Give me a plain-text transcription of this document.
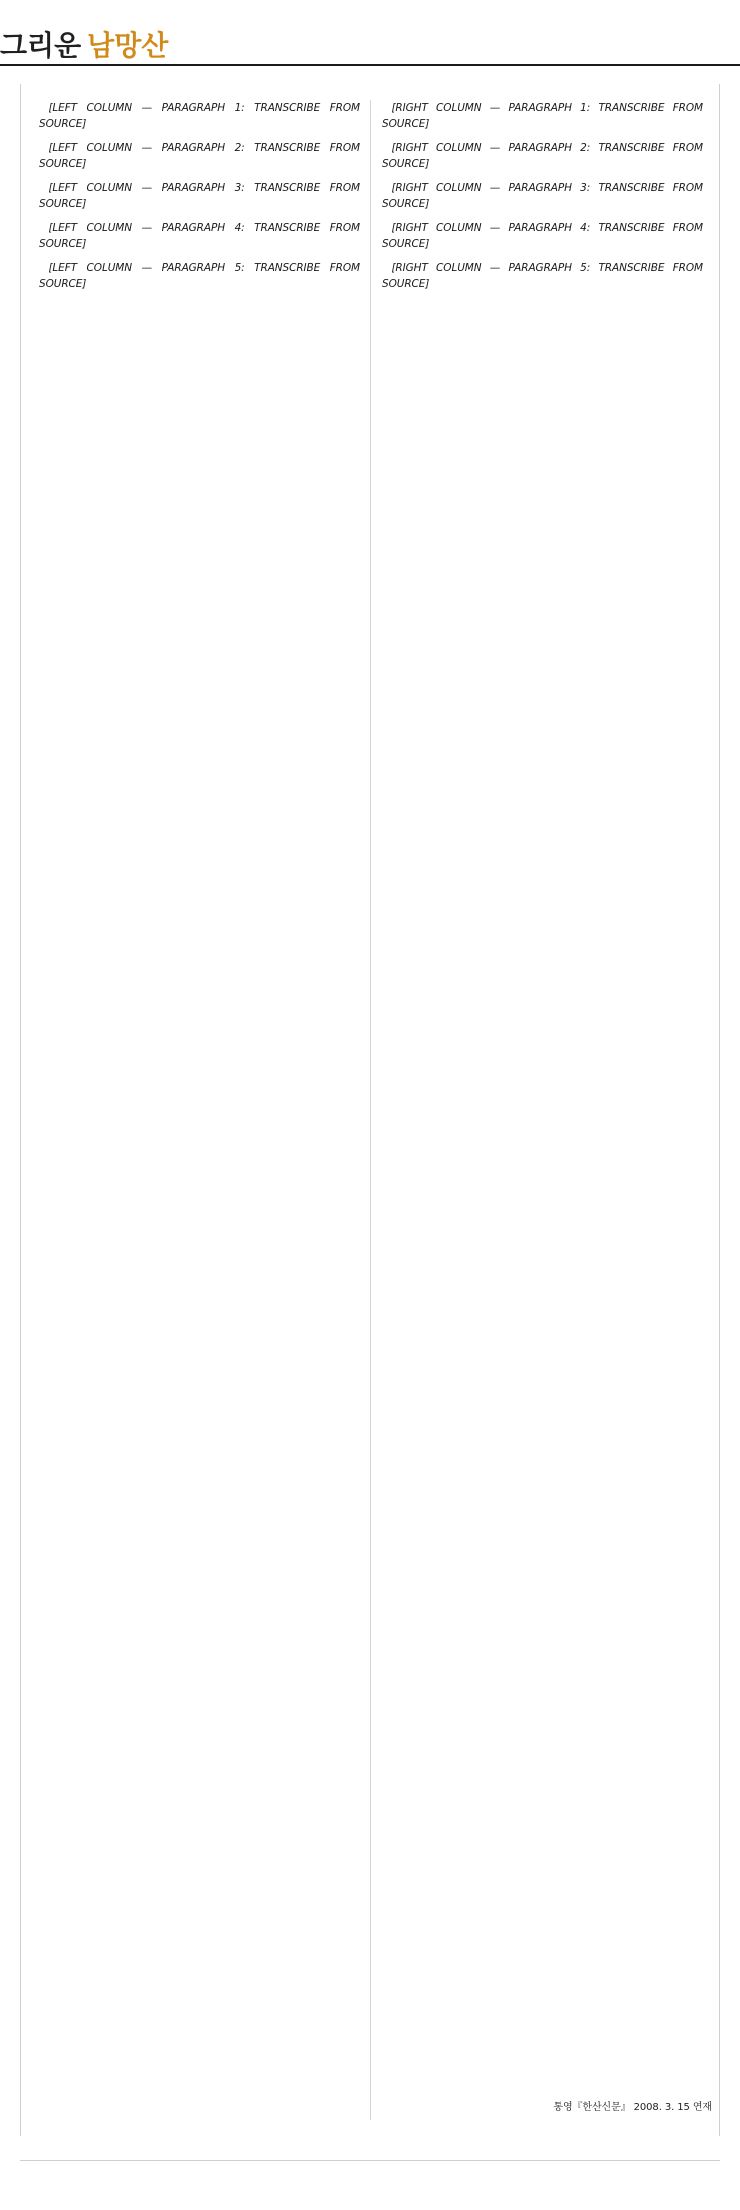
그리운 남망산

[LEFT COLUMN — PARAGRAPH 1: TRANSCRIBE FROM SOURCE]

[LEFT COLUMN — PARAGRAPH 2: TRANSCRIBE FROM SOURCE]

[LEFT COLUMN — PARAGRAPH 3: TRANSCRIBE FROM SOURCE]

[LEFT COLUMN — PARAGRAPH 4: TRANSCRIBE FROM SOURCE]

[LEFT COLUMN — PARAGRAPH 5: TRANSCRIBE FROM SOURCE]

[RIGHT COLUMN — PARAGRAPH 1: TRANSCRIBE FROM SOURCE]

[RIGHT COLUMN — PARAGRAPH 2: TRANSCRIBE FROM SOURCE]

[RIGHT COLUMN — PARAGRAPH 3: TRANSCRIBE FROM SOURCE]

[RIGHT COLUMN — PARAGRAPH 4: TRANSCRIBE FROM SOURCE]

[RIGHT COLUMN — PARAGRAPH 5: TRANSCRIBE FROM SOURCE]

통영『한산신문』 2008. 3. 15 연재
